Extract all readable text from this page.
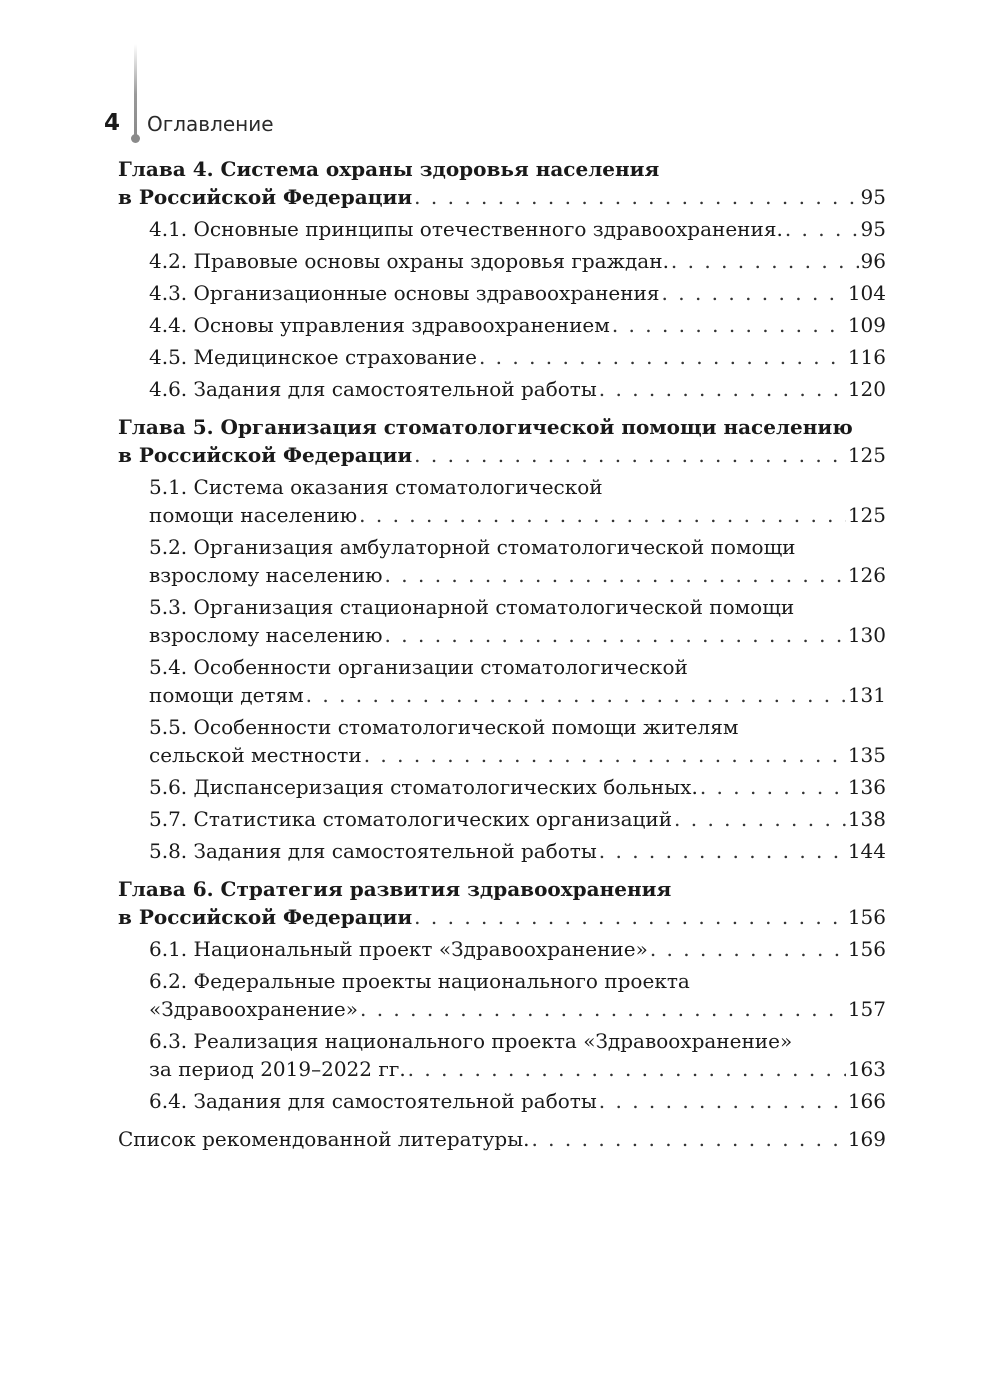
4 Оглавление
Глава 4. Система охраны здоровья населения
в Российской Федерации . . .	95
4.1. Основные принципы отечественного здравоохранения. . . .	95
4.2. Правовые основы охраны здоровья граждан. . . .	96
4.3. Организационные основы здравоохранения . . .	104
4.4. Основы управления здравоохранением . . .	109
4.5. Медицинское страхование . . .	116
4.6. Задания для самостоятельной работы . . .	120
Глава 5. Организация стоматологической помощи населению
в Российской Федерации . . .	125
5.1. Система оказания стоматологической
помощи населению . . .	125
5.2. Организация амбулаторной стоматологической помощи
взрослому населению . . .	126
5.3. Организация стационарной стоматологической помощи
взрослому населению . . .	130
5.4. Особенности организации стоматологической
помощи детям . . .	131
5.5. Особенности стоматологической помощи жителям
сельской местности . . .	135
5.6. Диспансеризация стоматологических больных. . . .	136
5.7. Статистика стоматологических организаций . . .	138
5.8. Задания для самостоятельной работы . . .	144
Глава 6. Стратегия развития здравоохранения
в Российской Федерации . . .	156
6.1. Национальный проект «Здравоохранение» . . .	156
6.2. Федеральные проекты национального проекта
«Здравоохранение» . . .	157
6.3. Реализация национального проекта «Здравоохранение»
за период 2019–2022 гг. . . .	163
6.4. Задания для самостоятельной работы . . .	166
Список рекомендованной литературы. . . .	169
